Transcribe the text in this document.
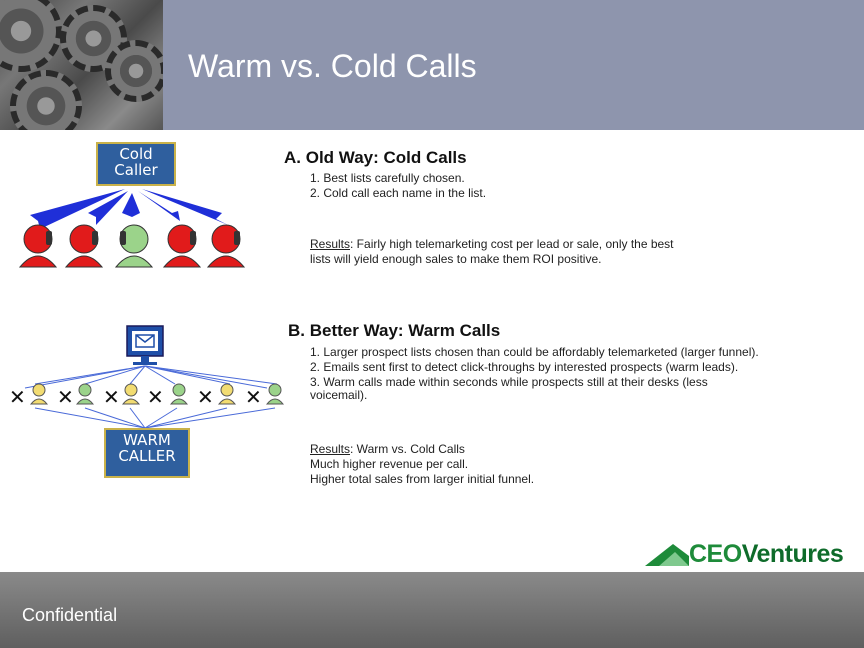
Warm vs. Cold Calls
Cold
Caller
A. Old Way: Cold Calls
1. Best lists carefully chosen.
2. Cold call each name in the list.
Results: Fairly high telemarketing cost per lead or sale, only the best
lists will yield enough sales to make them ROI positive.
✕ ✕ ✕ ✕ ✕ ✕
WARM
CALLER
B. Better Way: Warm Calls
1. Larger prospect lists chosen than could be affordably telemarketed (larger funnel).
2. Emails sent first to detect click-throughs by interested prospects (warm leads).
3. Warm calls made within seconds while prospects still at their desks (less
voicemail).
Results: Warm vs. Cold Calls
Much higher revenue per call.
Higher total sales from larger initial funnel.
CEOVentures
Confidential
